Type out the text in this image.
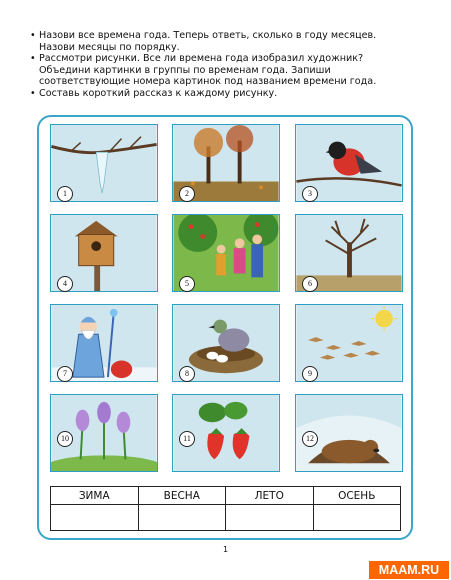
• Назови все времена года. Теперь ответь, сколько в году месяцев. Назови месяцы по порядку.
• Рассмотри рисунки. Все ли времена года изобразил художник? Объедини картинки в группы по временам года. Запиши соответствующие номера картинок под названием времени года.
• Составь короткий рассказ к каждому рисунку.
1	2	3
4	5	6
7	8	9
10	11	12
ЗИМА	ВЕСНА	ЛЕТО	ОСЕНЬ

1
MAAM.RU
